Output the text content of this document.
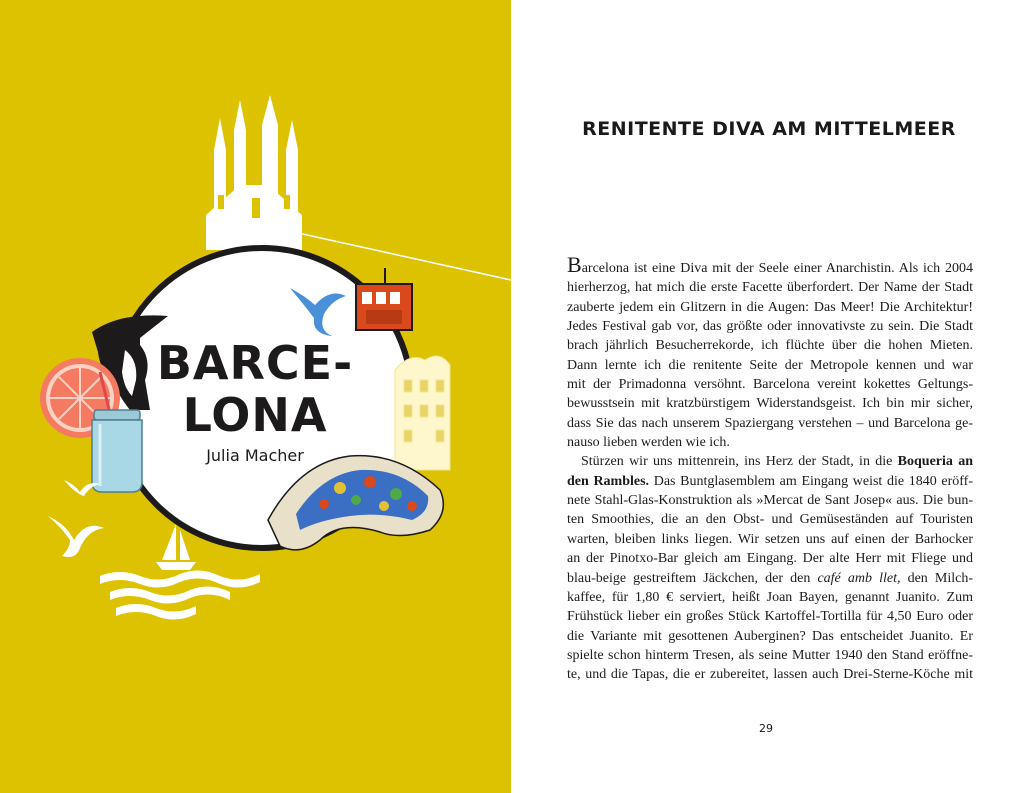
BARCE-
LONA
Julia Macher
RENITENTE DIVA AM MITTELMEER
Barcelona ist eine Diva mit der Seele einer Anarchistin. Als ich 2004
hierherzog, hat mich die erste Facette überfordert. Der Name der Stadt
zauberte jedem ein Glitzern in die Augen: Das Meer! Die Architektur!
Jedes Festival gab vor, das größte oder innovativste zu sein. Die Stadt
brach jährlich Besucherrekorde, ich flüchte über die hohen Mieten.
Dann lernte ich die renitente Seite der Metropole kennen und war
mit der Primadonna versöhnt. Barcelona vereint kokettes Geltungs-
bewusstsein mit kratzbürstigem Widerstandsgeist. Ich bin mir sicher,
dass Sie das nach unserem Spaziergang verstehen – und Barcelona ge-
nauso lieben werden wie ich.
Stürzen wir uns mittenrein, ins Herz der Stadt, in die Boqueria an
den Rambles. Das Buntglasemblem am Eingang weist die 1840 eröff-
nete Stahl-Glas-Konstruktion als »Mercat de Sant Josep« aus. Die bun-
ten Smoothies, die an den Obst- und Gemüseständen auf Touristen
warten, bleiben links liegen. Wir setzen uns auf einen der Barhocker
an der Pinotxo-Bar gleich am Eingang. Der alte Herr mit Fliege und
blau-beige gestreiftem Jäckchen, der den café amb llet, den Milch-
kaffee, für 1,80 € serviert, heißt Joan Bayen, genannt Juanito. Zum
Frühstück lieber ein großes Stück Kartoffel-Tortilla für 4,50 Euro oder
die Variante mit gesottenen Auberginen? Das entscheidet Juanito. Er
spielte schon hinterm Tresen, als seine Mutter 1940 den Stand eröffne-
te, und die Tapas, die er zubereitet, lassen auch Drei-Sterne-Köche mit
29
